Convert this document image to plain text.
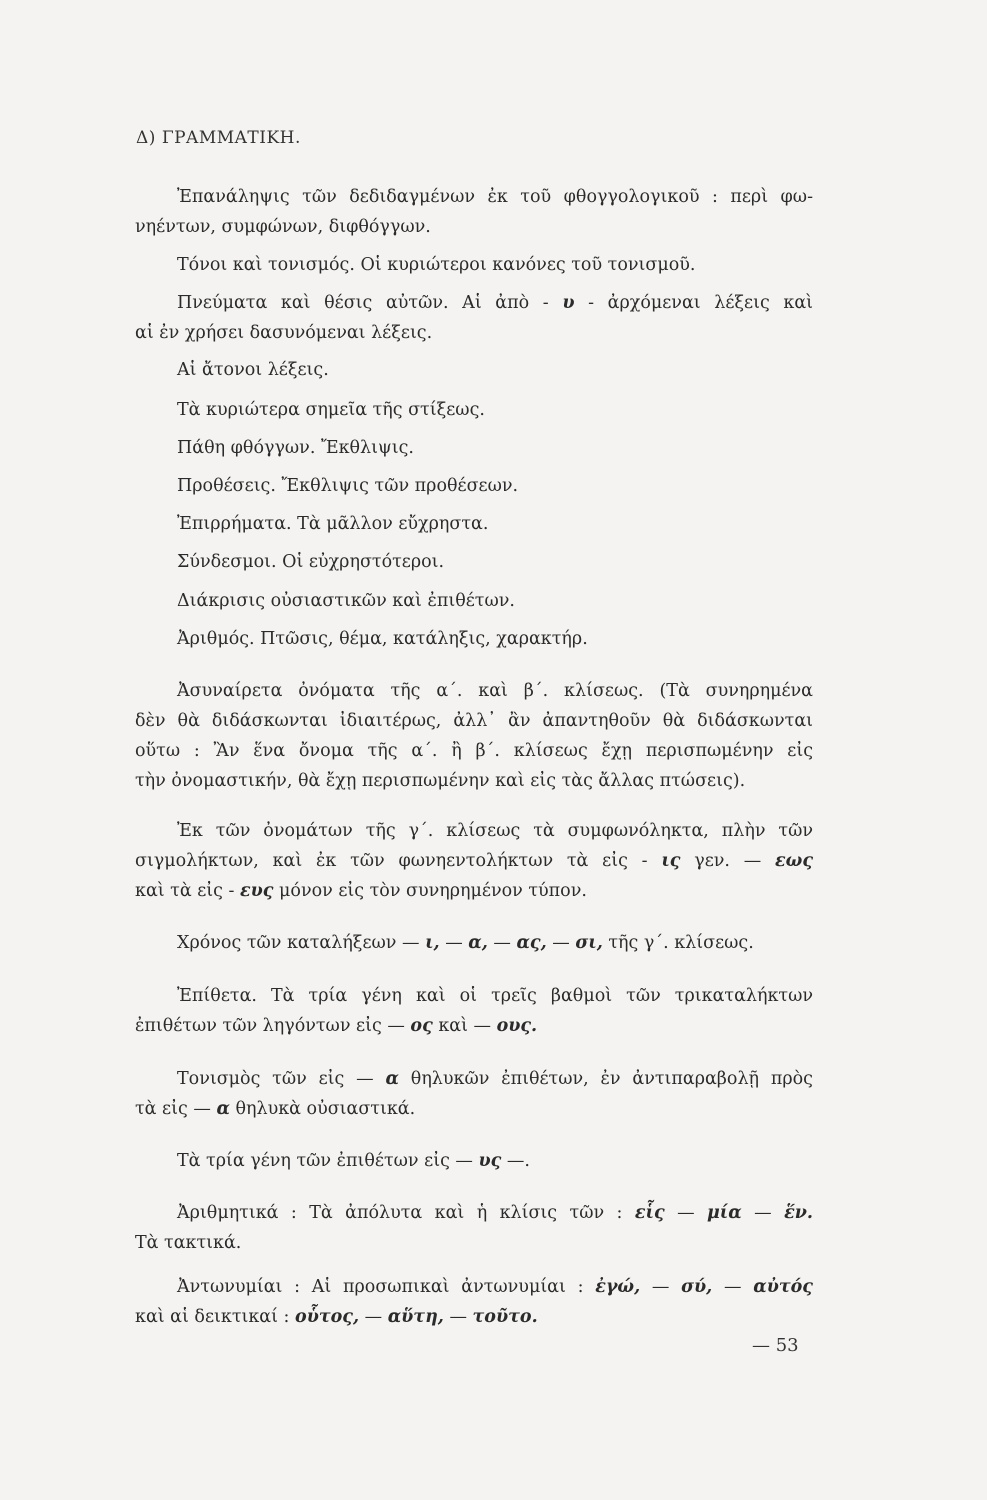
Δ) ΓΡΑΜΜΑΤΙΚΗ.
Ἐπανάληψις τῶν δεδιδαγμένων ἐκ τοῦ φθογγολογικοῦ : περὶ φω-
νηέντων, συμφώνων, διφθόγγων.
Τόνοι καὶ τονισμός. Οἱ κυριώτεροι κανόνες τοῦ τονισμοῦ.
Πνεύματα καὶ θέσις αὐτῶν. Αἱ ἀπὸ - υ - ἀρχόμεναι λέξεις καὶ
αἱ ἐν χρήσει δασυνόμεναι λέξεις.
Αἱ ἄτονοι λέξεις.
Τὰ κυριώτερα σημεῖα τῆς στίξεως.
Πάθη φθόγγων. Ἔκθλιψις.
Προθέσεις. Ἔκθλιψις τῶν προθέσεων.
Ἐπιρρήματα. Τὰ μᾶλλον εὔχρηστα.
Σύνδεσμοι. Οἱ εὐχρηστότεροι.
Διάκρισις οὐσιαστικῶν καὶ ἐπιθέτων.
Ἀριθμός. Πτῶσις, θέμα, κατάληξις, χαρακτήρ.
Ἀσυναίρετα ὀνόματα τῆς α΄. καὶ β΄. κλίσεως. (Τὰ συνηρημένα
δὲν θὰ διδάσκωνται ἰδιαιτέρως, ἀλλ᾽ ἂν ἀπαντηθοῦν θὰ διδάσκωνται
οὕτω : Ἂν ἕνα ὄνομα τῆς α΄. ἢ β΄. κλίσεως ἔχῃ περισπωμένην εἰς
τὴν ὀνομαστικήν, θὰ ἔχῃ περισπωμένην καὶ εἰς τὰς ἄλλας πτώσεις).
Ἐκ τῶν ὀνομάτων τῆς γ΄. κλίσεως τὰ συμφωνόληκτα, πλὴν τῶν
σιγμολήκτων, καὶ ἐκ τῶν φωνηεντολήκτων τὰ εἰς - ις γεν. — εως
καὶ τὰ εἰς - ευς μόνον εἰς τὸν συνηρημένον τύπον.
Χρόνος τῶν καταλήξεων — ι, — α, — ας, — σι, τῆς γ΄. κλίσεως.
Ἐπίθετα. Τὰ τρία γένη καὶ οἱ τρεῖς βαθμοὶ τῶν τρικαταλήκτων
ἐπιθέτων τῶν ληγόντων εἰς — ος καὶ — ους.
Τονισμὸς τῶν εἰς — α θηλυκῶν ἐπιθέτων, ἐν ἀντιπαραβολῇ πρὸς
τὰ εἰς — α θηλυκὰ οὐσιαστικά.
Τὰ τρία γένη τῶν ἐπιθέτων εἰς — υς —.
Ἀριθμητικά : Τὰ ἀπόλυτα καὶ ἡ κλίσις τῶν : εἷς — μία — ἕν.
Τὰ τακτικά.
Ἀντωνυμίαι : Αἱ προσωπικαὶ ἀντωνυμίαι : ἐγώ, — σύ, — αὐτός
καὶ αἱ δεικτικαί : οὗτος, — αὕτη, — τοῦτο.
— 53
